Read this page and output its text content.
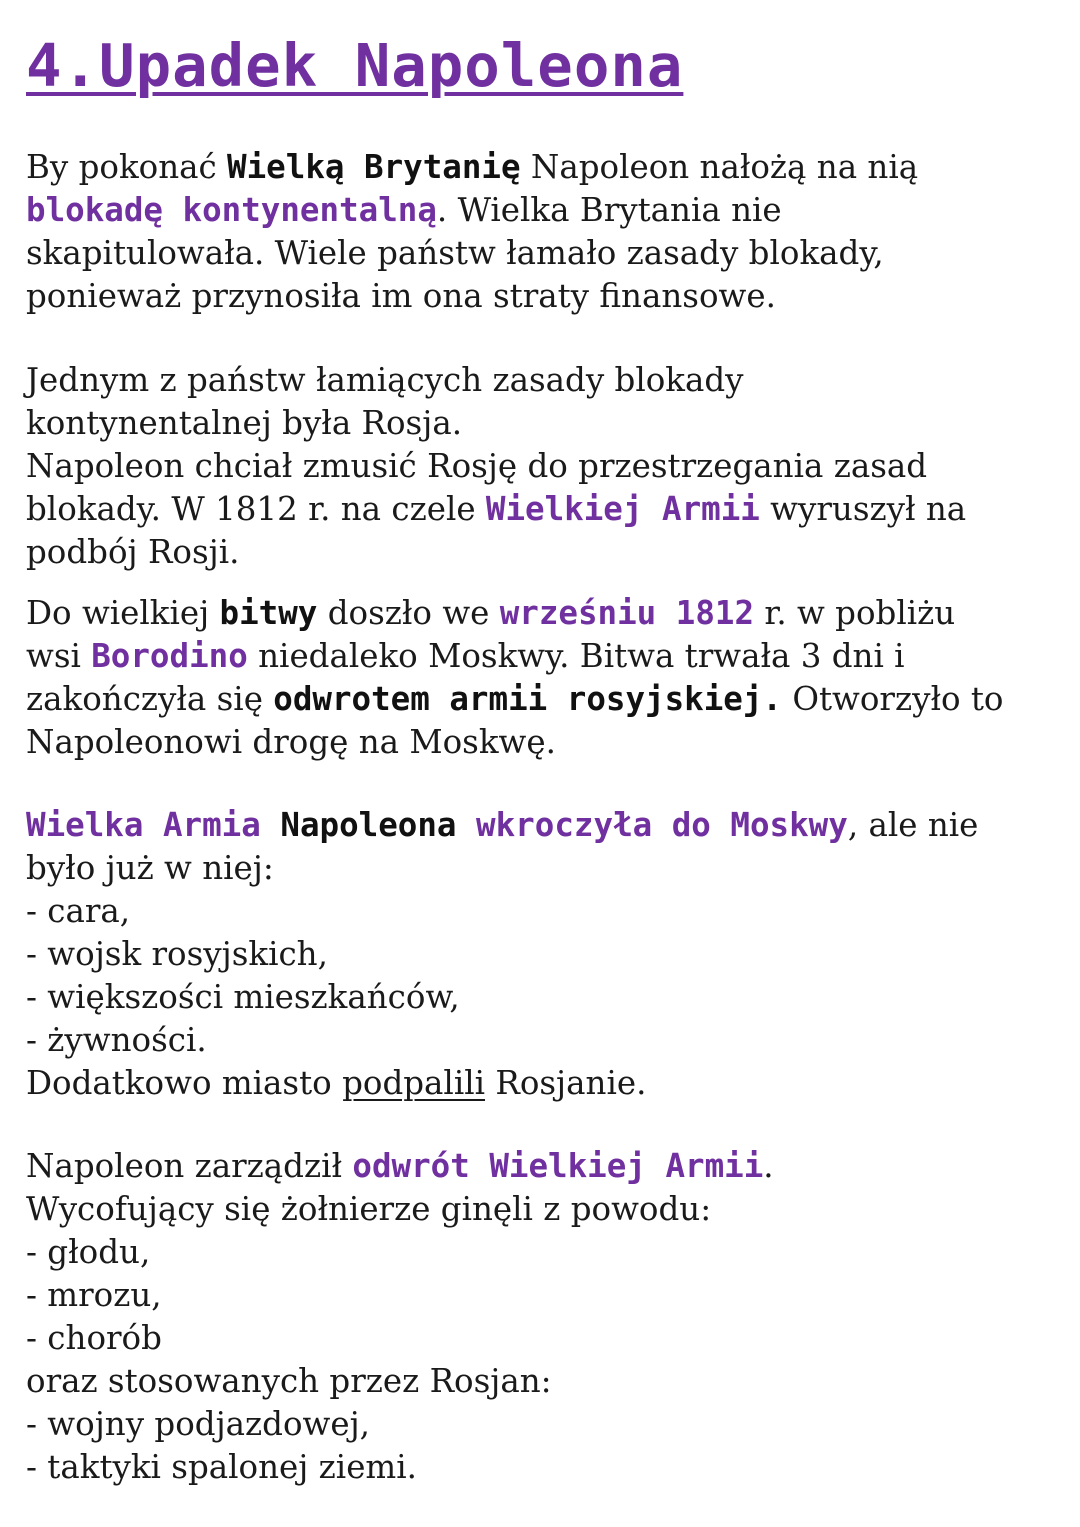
4.Upadek Napoleona
By pokonać Wielką Brytanię Napoleon nałożą na nią
blokadę kontynentalną. Wielka Brytania nie
skapitulowała. Wiele państw łamało zasady blokady,
ponieważ przynosiła im ona straty finansowe.
Jednym z państw łamiących zasady blokady
kontynentalnej była Rosja.
Napoleon chciał zmusić Rosję do przestrzegania zasad
blokady. W 1812 r. na czele Wielkiej Armii wyruszył na
podbój Rosji.
Do wielkiej bitwy doszło we wrześniu 1812 r. w pobliżu
wsi Borodino niedaleko Moskwy. Bitwa trwała 3 dni i
zakończyła się odwrotem armii rosyjskiej. Otworzyło to
Napoleonowi drogę na Moskwę.
Wielka Armia Napoleona wkroczyła do Moskwy, ale nie
było już w niej:
- cara,
- wojsk rosyjskich,
- większości mieszkańców,
- żywności.
Dodatkowo miasto podpalili Rosjanie.
Napoleon zarządził odwrót Wielkiej Armii.
Wycofujący się żołnierze ginęli z powodu:
- głodu,
- mrozu,
- chorób
oraz stosowanych przez Rosjan:
- wojny podjazdowej,
- taktyki spalonej ziemi.
